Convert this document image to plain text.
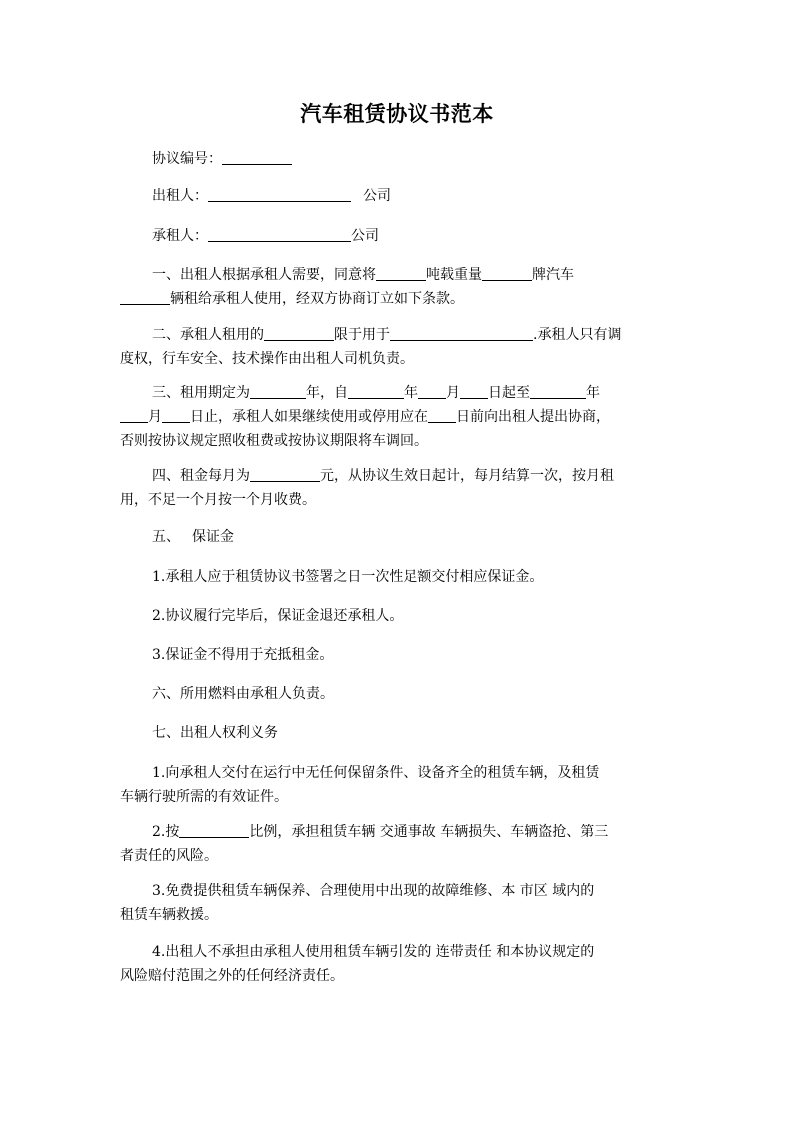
汽车租赁协议书范本

协议编号：

出租人：	公司

承租人：	公司

一、出租人根据承租人需要，同意将	吨载重量	牌汽车
辆租给承租人使用，经双方协商订立如下条款。

二、承租人租用的	限于用于	.承租人只有调
度权，行车安全、技术操作由出租人司机负责。

三、租用期定为	年，自	年 月 日起至	年
月 日止，承租人如果继续使用或停用应在 日前向出租人提出协商，
否则按协议规定照收租费或按协议期限将车调回。

四、租金每月为	元，从协议生效日起计，每月结算一次，按月租
用，不足一个月按一个月收费。

五、 保证金

1.承租人应于租赁协议书签署之日一次性足额交付相应保证金。

2.协议履行完毕后，保证金退还承租人。

3.保证金不得用于充抵租金。

六、所用燃料由承租人负责。

七、出租人权利义务

1.向承租人交付在运行中无任何保留条件、设备齐全的租赁车辆，及租赁
车辆行驶所需的有效证件。

2.按	比例，承担租赁车辆 交通事故 车辆损失、车辆盗抢、第三
者责任的风险。

3.免费提供租赁车辆保养、合理使用中出现的故障维修、本 市区 域内的
租赁车辆救援。

4.出租人不承担由承租人使用租赁车辆引发的 连带责任 和本协议规定的
风险赔付范围之外的任何经济责任。
